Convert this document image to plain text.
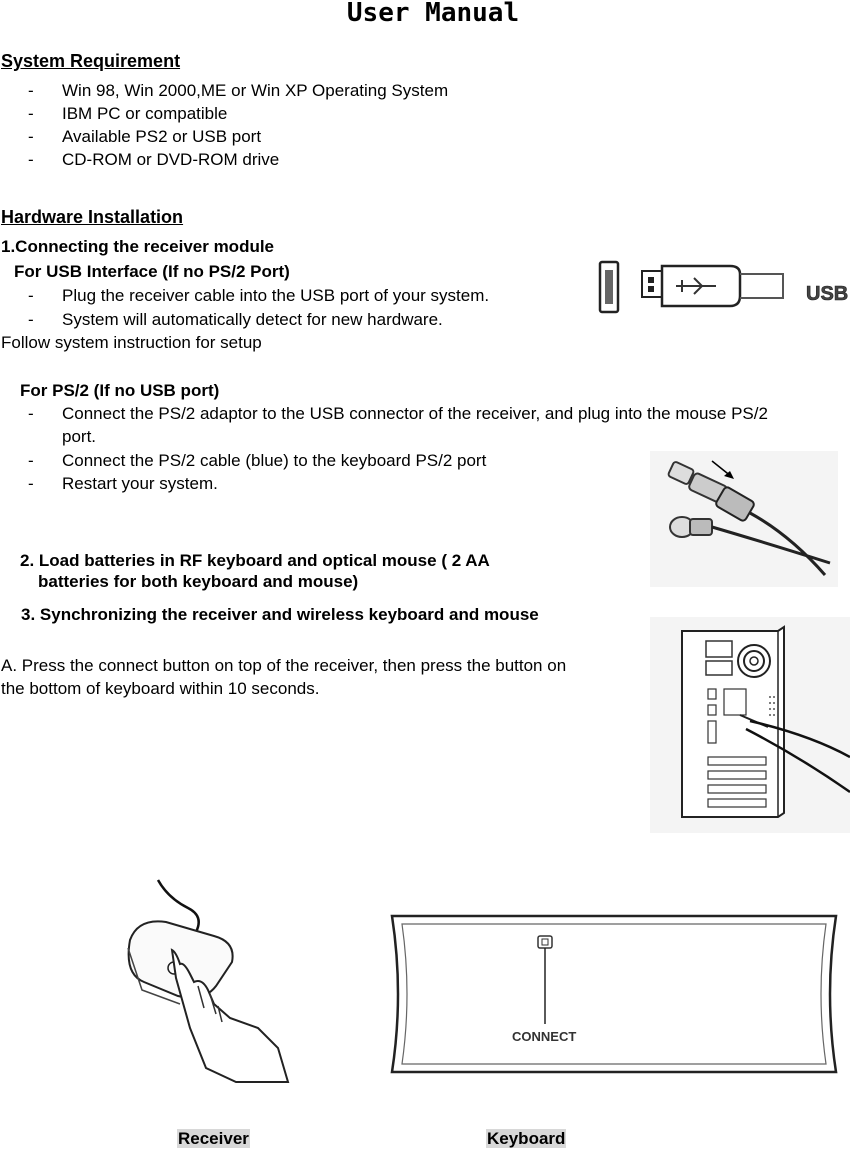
User Manual
System Requirement
- Win 98, Win 2000,ME or Win XP Operating System
- IBM PC or compatible
- Available PS2 or USB port
- CD-ROM or DVD-ROM drive
Hardware Installation
1.Connecting the receiver module
For USB Interface (If no PS/2 Port)
- Plug the receiver cable into the USB port of your system.
- System will automatically detect for new hardware.
Follow system instruction for setup
USB
For PS/2 (If no USB port)
- Connect the PS/2 adaptor to the USB connector of the receiver, and plug into the mouse PS/2
port.
- Connect the PS/2 cable (blue) to the keyboard PS/2 port
- Restart your system.
2. Load batteries in RF keyboard and optical mouse ( 2 AA
batteries for both keyboard and mouse)
3. Synchronizing the receiver and wireless keyboard and mouse
A. Press the connect button on top of the receiver, then press the button on
the bottom of keyboard within 10 seconds.
CONNECT
Receiver	Keyboard
